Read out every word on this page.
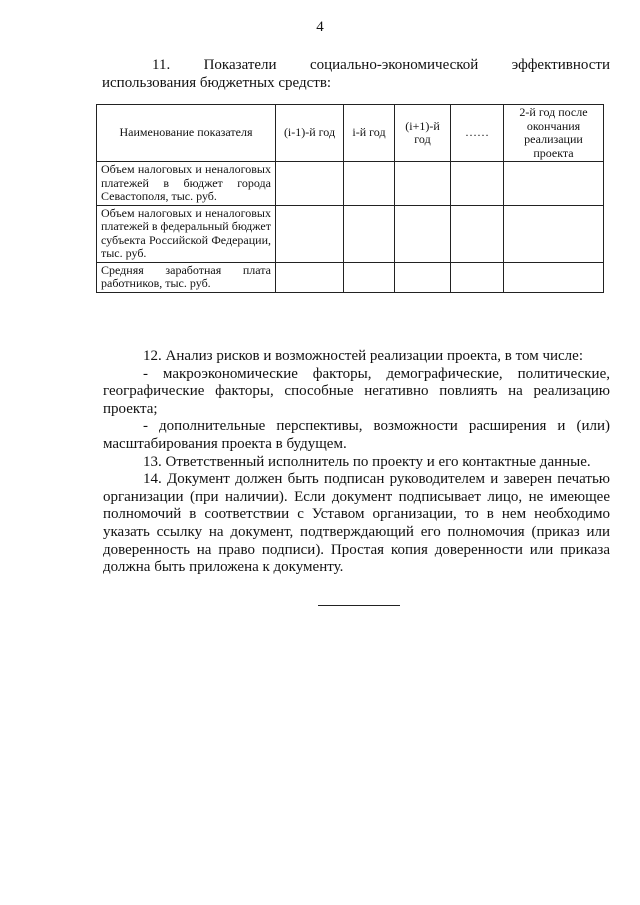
4
11. Показатели социально-экономической эффективности
использования бюджетных средств:
Наименование показателя	(i-1)-й год	i-й год	(i+1)-й год	……	2-й год после окончания реализации проекта
Объем налоговых и неналоговых платежей в бюджет города Севастополя, тыс. руб.					
Объем налоговых и неналоговых платежей в федеральный бюджет субъекта Российской Федерации, тыс. руб.					
Средняя заработная плата работников, тыс. руб.					

12. Анализ рисков и возможностей реализации проекта, в том числе:

- макроэкономические факторы, демографические, политические, географические факторы, способные негативно повлиять на реализацию проекта;

- дополнительные перспективы, возможности расширения и (или) масштабирования проекта в будущем.

13. Ответственный исполнитель по проекту и его контактные данные.

14. Документ должен быть подписан руководителем и заверен печатью организации (при наличии). Если документ подписывает лицо, не имеющее полномочий в соответствии с Уставом организации, то в нем необходимо указать ссылку на документ, подтверждающий его полномочия (приказ или доверенность на право подписи). Простая копия доверенности или приказа должна быть приложена к документу.
